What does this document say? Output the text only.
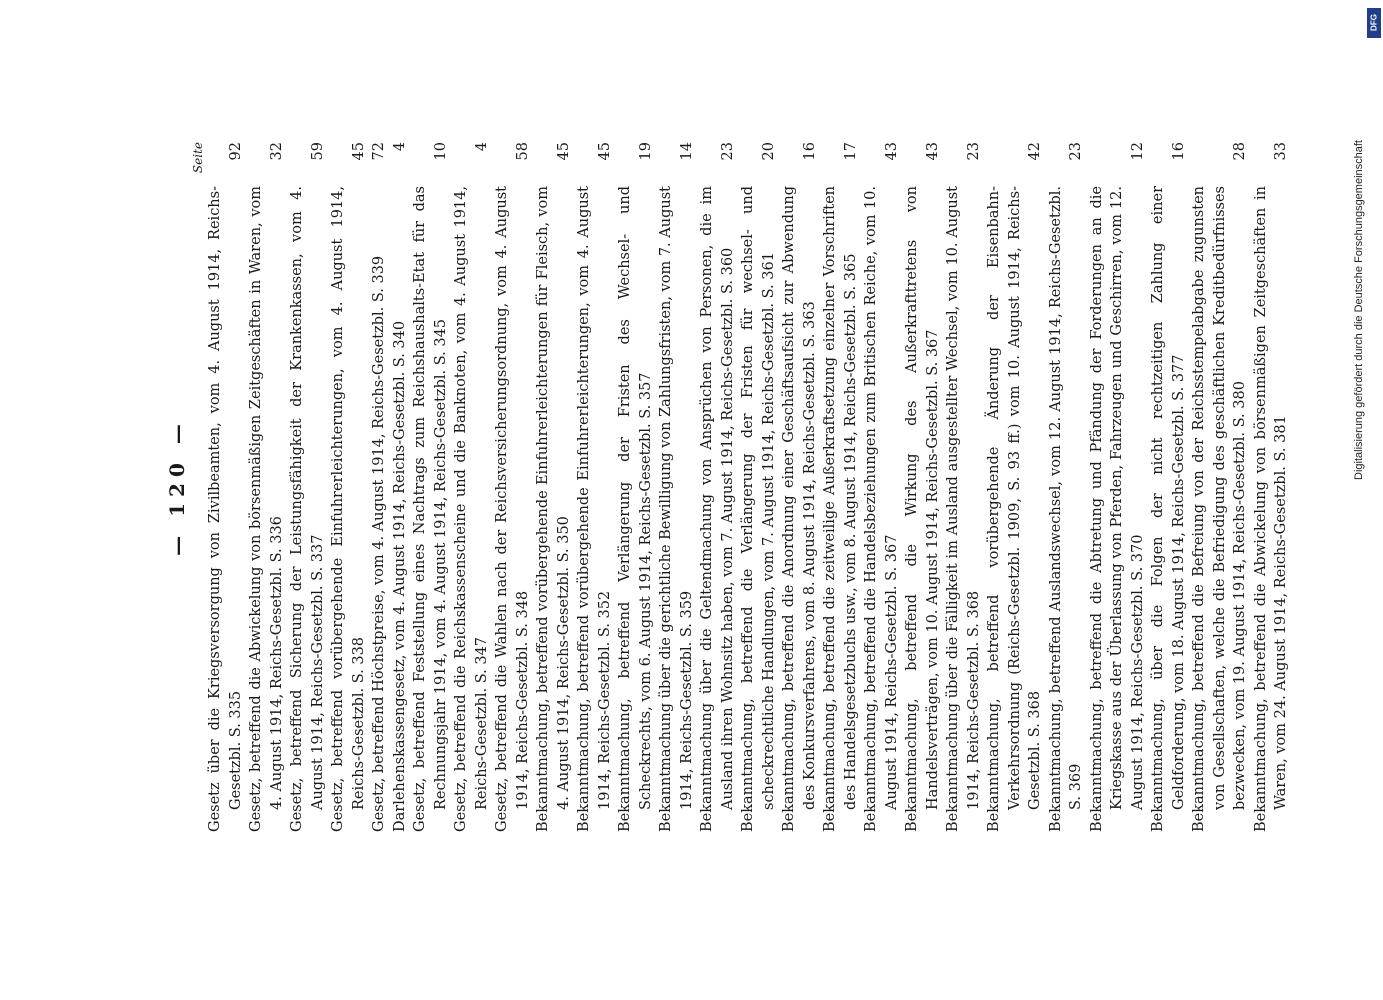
— 120 —
Seite
Gesetz über die Kriegsversorgung von Zivilbeamten, vom 4. August 1914, Reichs-Gesetzbl. S. 335
92
Gesetz, betreffend die Abwickelung von börsenmäßigen Zeitgeschäften in Waren, vom 4. August 1914, Reichs-Gesetzbl. S. 336
32
Gesetz, betreffend Sicherung der Leistungsfähigkeit der Krankenkassen, vom 4. August 1914, Reichs-Gesetzbl. S. 337
59
Gesetz, betreffend vorübergehende Einfuhrerleichterungen, vom 4. August 1914, Reichs-Gesetzbl. S. 338
45
Gesetz, betreffend Höchstpreise, vom 4. August 1914, Reichs-Gesetzbl. S. 339
72
Darlehenskassengesetz, vom 4. August 1914, Reichs-Gesetzbl. S. 340
4
Gesetz, betreffend Feststellung eines Nachtrags zum Reichshaushalts-Etat für das Rechnungsjahr 1914, vom 4. August 1914, Reichs-Gesetzbl. S. 345
10
Gesetz, betreffend die Reichskassenscheine und die Banknoten, vom 4. August 1914, Reichs-Gesetzbl. S. 347
4
Gesetz, betreffend die Wahlen nach der Reichsversicherungsordnung, vom 4. August 1914, Reichs-Gesetzbl. S. 348
58
Bekanntmachung, betreffend vorübergehende Einfuhrerleichterungen für Fleisch, vom 4. August 1914, Reichs-Gesetzbl. S. 350
45
Bekanntmachung, betreffend vorübergehende Einfuhrerleichterungen, vom 4. August 1914, Reichs-Gesetzbl. S. 352
45
Bekanntmachung, betreffend Verlängerung der Fristen des Wechsel- und Scheckrechts, vom 6. August 1914, Reichs-Gesetzbl. S. 357
19
Bekanntmachung über die gerichtliche Bewilligung von Zahlungsfristen, vom 7. August 1914, Reichs-Gesetzbl. S. 359
14
Bekanntmachung über die Geltendmachung von Ansprüchen von Personen, die im Ausland ihren Wohnsitz haben, vom 7. August 1914, Reichs-Gesetzbl. S. 360
23
Bekanntmachung, betreffend die Verlängerung der Fristen für wechsel- und scheckrechtliche Handlungen, vom 7. August 1914, Reichs-Gesetzbl. S. 361
20
Bekanntmachung, betreffend die Anordnung einer Geschäftsaufsicht zur Abwendung des Konkursverfahrens, vom 8. August 1914, Reichs-Gesetzbl. S. 363
16
Bekanntmachung, betreffend die zeitweilige Außerkraftsetzung einzelner Vorschriften des Handelsgesetzbuchs usw., vom 8. August 1914, Reichs-Gesetzbl. S. 365
17
Bekanntmachung, betreffend die Handelsbeziehungen zum Britischen Reiche, vom 10. August 1914, Reichs-Gesetzbl. S. 367
43
Bekanntmachung, betreffend die Wirkung des Außerkrafttretens von Handelsverträgen, vom 10. August 1914, Reichs-Gesetzbl. S. 367
43
Bekanntmachung über die Fälligkeit im Ausland ausgestellter Wechsel, vom 10. August 1914, Reichs-Gesetzbl. S. 368
23
Bekanntmachung, betreffend vorübergehende Änderung der Eisenbahn-Verkehrsordnung (Reichs-Gesetzbl. 1909, S. 93 ff.) vom 10. August 1914, Reichs-Gesetzbl. S. 368
42
Bekanntmachung, betreffend Auslandswechsel, vom 12. August 1914, Reichs-Gesetzbl. S. 369
23
Bekanntmachung, betreffend die Abtretung und Pfändung der Forderungen an die Kriegskasse aus der Überlassung von Pferden, Fahrzeugen und Geschirren, vom 12. August 1914, Reichs-Gesetzbl. S. 370
12
Bekanntmachung, über die Folgen der nicht rechtzeitigen Zahlung einer Geldforderung, vom 18. August 1914, Reichs-Gesetzbl. S. 377
16
Bekanntmachung, betreffend die Befreiung von der Reichsstempelabgabe zugunsten von Gesellschaften, welche die Befriedigung des geschäftlichen Kreditbedürfnisses bezwecken, vom 19. August 1914, Reichs-Gesetzbl. S. 380
28
Bekanntmachung, betreffend die Abwickelung von börsenmäßigen Zeitgeschäften in Waren, vom 24. August 1914, Reichs-Gesetzbl. S. 381
33
DFG
Digitalisierung gefördert durch die Deutsche Forschungsgemeinschaft
